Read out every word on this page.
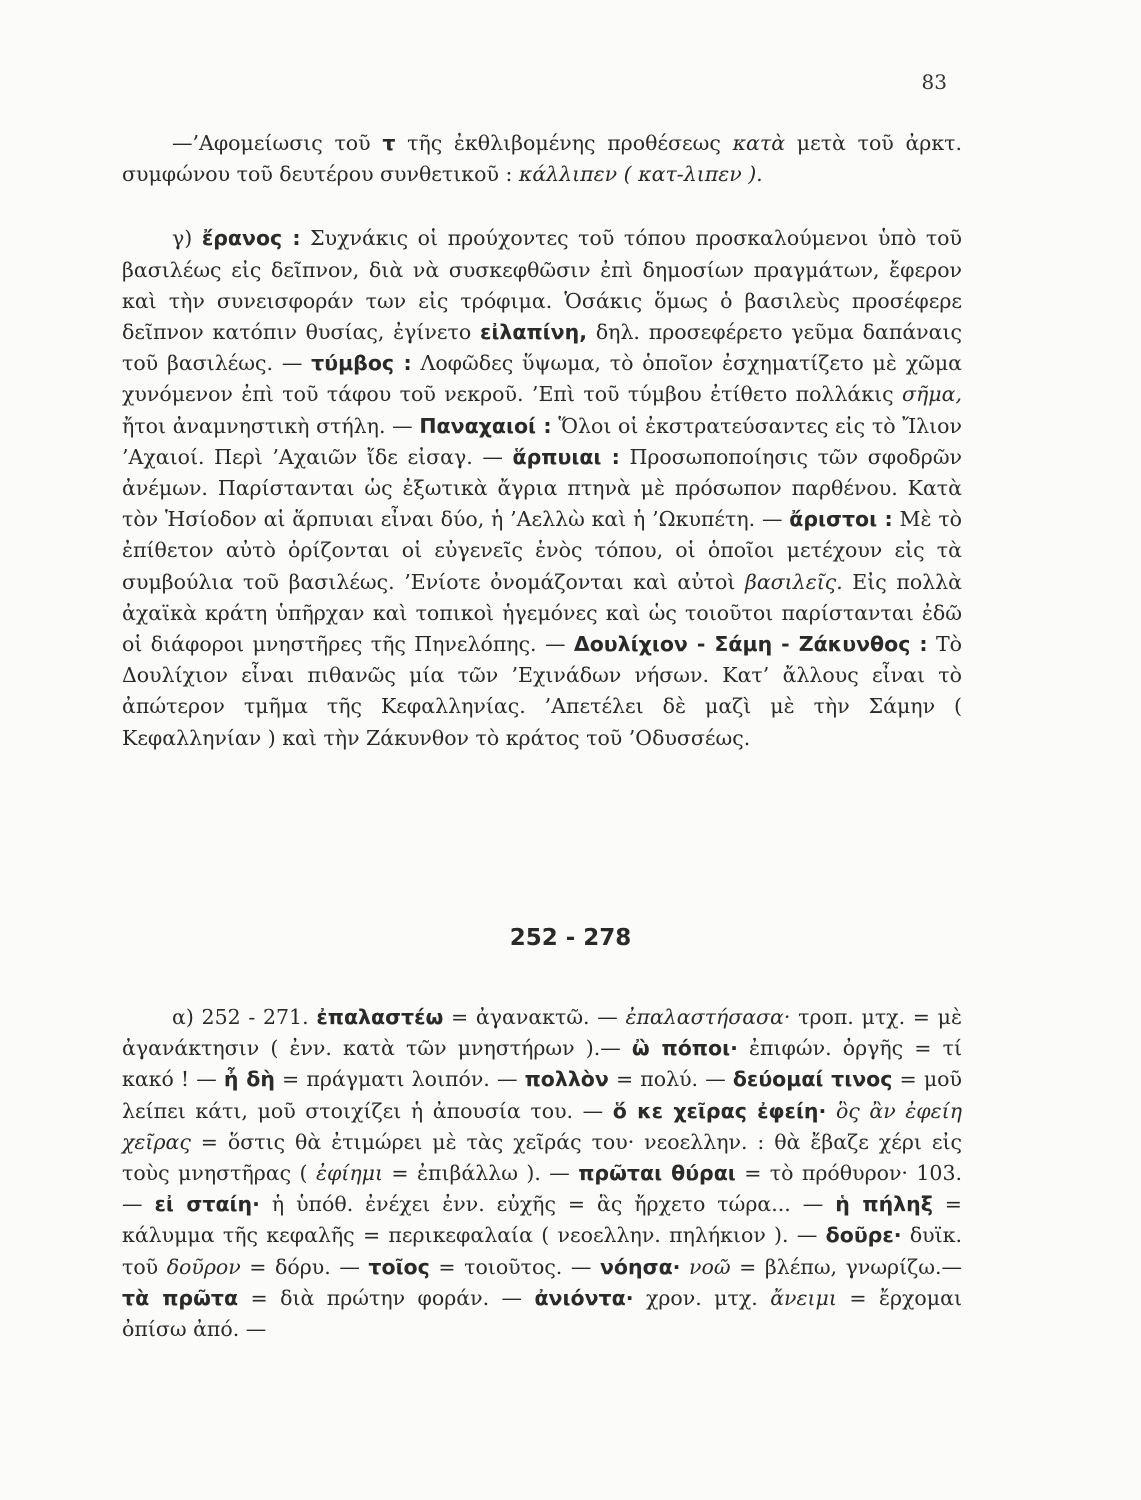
83

—’Αφομείωσις τοῦ τ τῆς ἐκθλιβομένης προθέσεως κατὰ μετὰ τοῦ ἀρκτ. συμφώνου τοῦ δευτέρου συνθετικοῦ : κάλλιπεν ( κατ-λιπεν ).

γ) ἔρανος : Συχνάκις οἱ προύχοντες τοῦ τόπου προσκαλούμενοι ὑπὸ τοῦ βασιλέως εἰς δεῖπνον, διὰ νὰ συσκεφθῶσιν ἐπὶ δημοσίων πραγμάτων, ἔφερον καὶ τὴν συνεισφοράν των εἰς τρόφιμα. Ὁσάκις ὅμως ὁ βασιλεὺς προσέφερε δεῖπνον κατόπιν θυσίας, ἐγίνετο εἰλαπίνη, δηλ. προσεφέρετο γεῦμα δαπάναις τοῦ βασιλέως. — τύμβος : Λοφῶδες ὕψωμα, τὸ ὁποῖον ἐσχηματίζετο μὲ χῶμα χυνόμενον ἐπὶ τοῦ τάφου τοῦ νεκροῦ. ’Επὶ τοῦ τύμβου ἐτίθετο πολλάκις σῆμα, ἤτοι ἀναμνηστικὴ στήλη. — Παναχαιοί : Ὅλοι οἱ ἐκστρατεύσαντες εἰς τὸ Ἴλιον ’Αχαιοί. Περὶ ’Αχαιῶν ἴδε εἰσαγ. — ἅρπυιαι : Προσωποποίησις τῶν σφοδρῶν ἀνέμων. Παρίστανται ὡς ἐξωτικὰ ἄγρια πτηνὰ μὲ πρόσωπον παρθένου. Κατὰ τὸν Ἡσίοδον αἱ ἅρπυιαι εἶναι δύο, ἡ ’Αελλὼ καὶ ἡ ’Ωκυπέτη. — ἄριστοι : Μὲ τὸ ἐπίθετον αὐτὸ ὁρίζονται οἱ εὐγενεῖς ἑνὸς τόπου, οἱ ὁποῖοι μετέχουν εἰς τὰ συμβούλια τοῦ βασιλέως. ’Ενίοτε ὀνομάζονται καὶ αὐτοὶ βασιλεῖς. Εἰς πολλὰ ἀχαϊκὰ κράτη ὑπῆρχαν καὶ τοπικοὶ ἡγεμόνες καὶ ὡς τοιοῦτοι παρίστανται ἐδῶ οἱ διάφοροι μνηστῆρες τῆς Πηνελόπης. — Δουλίχιον - Σάμη - Ζάκυνθος : Τὸ Δουλίχιον εἶναι πιθανῶς μία τῶν ’Εχινάδων νήσων. Κατ’ ἄλλους εἶναι τὸ ἀπώτερον τμῆμα τῆς Κεφαλληνίας. ’Απετέλει δὲ μαζὶ μὲ τὴν Σάμην ( Κεφαλληνίαν ) καὶ τὴν Ζάκυνθον τὸ κράτος τοῦ ’Οδυσσέως.

252 - 278

α) 252 - 271. ἐπαλαστέω = ἀγανακτῶ. — ἐπαλαστήσασα· τροπ. μτχ. = μὲ ἀγανάκτησιν ( ἐνν. κατὰ τῶν μνηστήρων ).— ὢ πόποι· ἐπιφών. ὀργῆς = τί κακό ! — ἦ δὴ = πράγματι λοιπόν. — πολλὸν = πολύ. — δεύομαί τινος = μοῦ λείπει κάτι, μοῦ στοιχίζει ἡ ἀπουσία του. — ὅ κε χεῖρας ἐφείη· ὃς ἂν ἐφείη χεῖρας = ὅστις θὰ ἐτιμώρει μὲ τὰς χεῖράς του· νεοελλην. : θὰ ἔβαζε χέρι εἰς τοὺς μνηστῆρας ( ἐφίημι = ἐπιβάλλω ). — πρῶται θύραι = τὸ πρόθυρον· 103. — εἰ σταίη· ἡ ὑπόθ. ἐνέχει ἐνν. εὐχῆς = ἃς ἤρχετο τώρα... — ἡ πήληξ = κάλυμμα τῆς κεφαλῆς = περικεφαλαία ( νεοελλην. πηλήκιον ). — δοῦρε· δυϊκ. τοῦ δοῦρον = δόρυ. — τοῖος = τοιοῦτος. — νόησα· νοῶ = βλέπω, γνωρίζω.— τὰ πρῶτα = διὰ πρώτην φοράν. — ἀνιόντα· χρον. μτχ. ἄνειμι = ἔρχομαι ὀπίσω ἀπό. —
